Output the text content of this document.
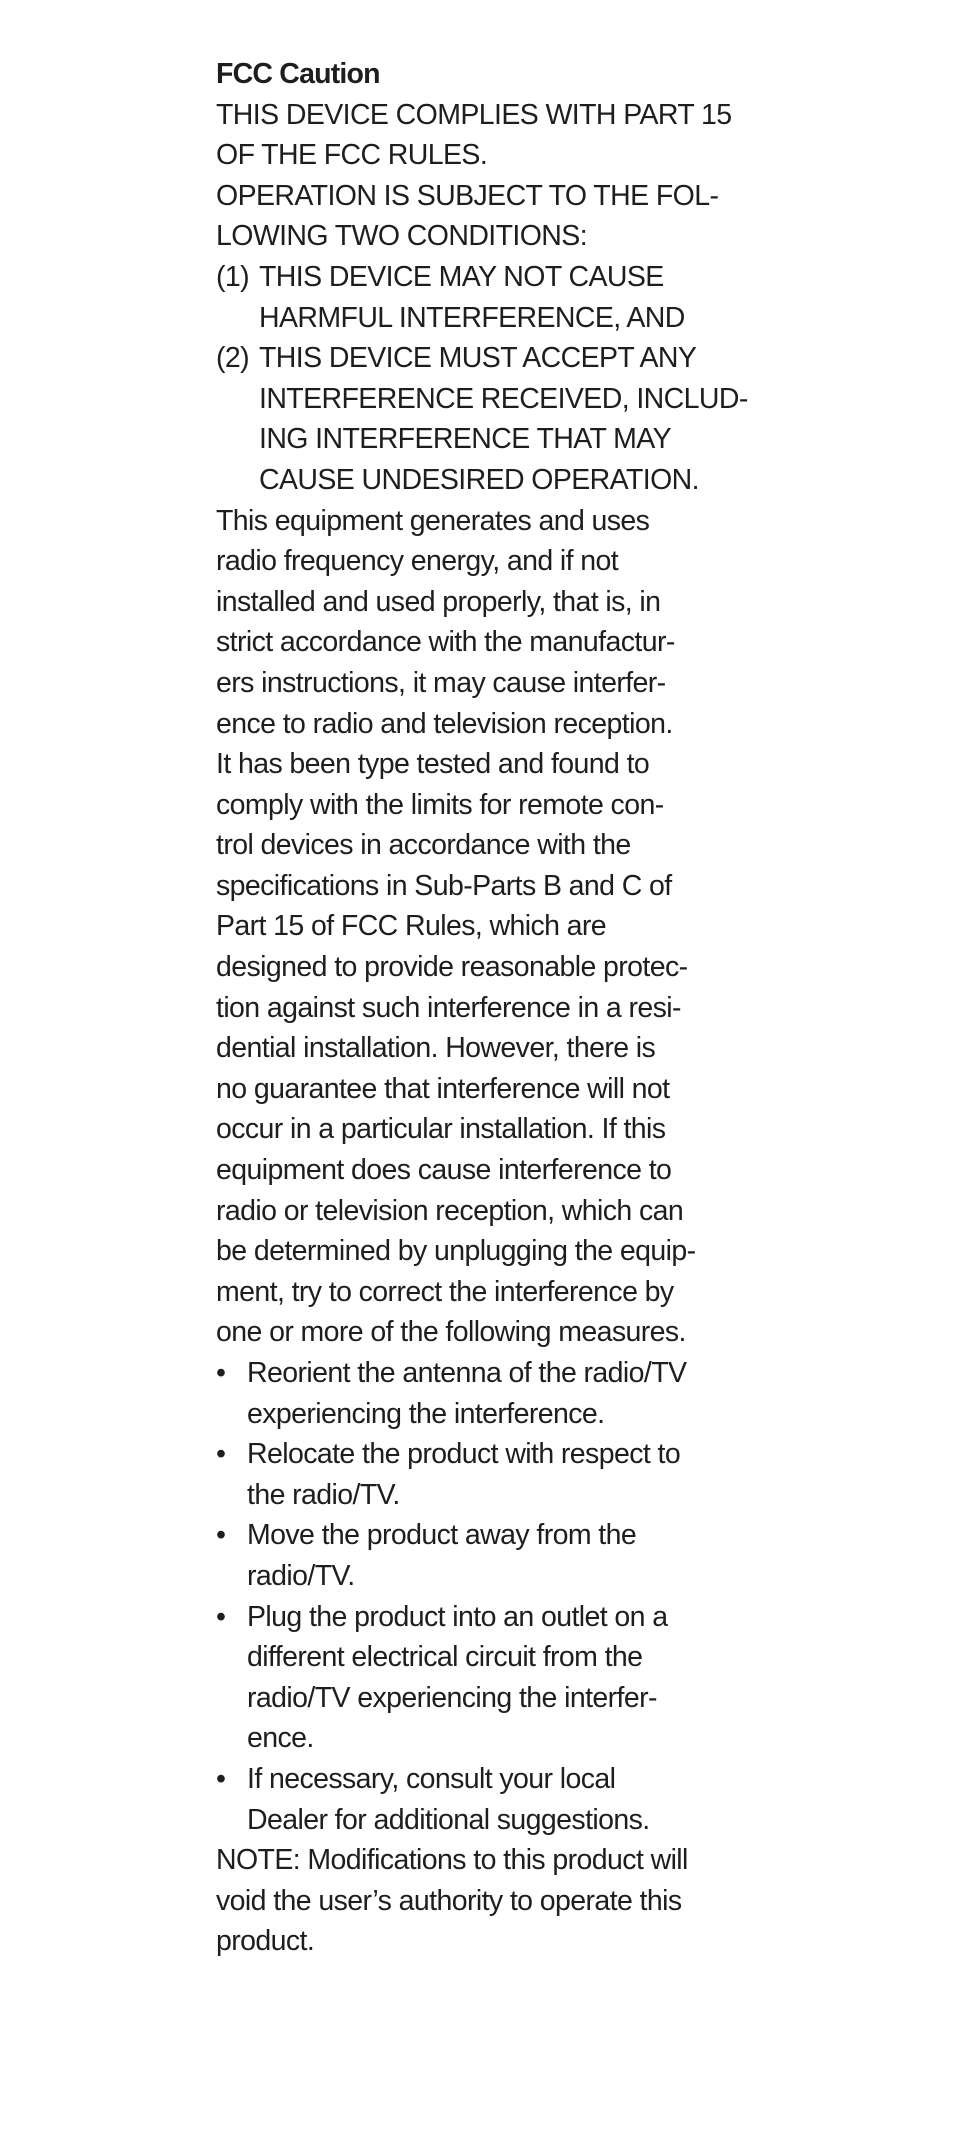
FCC Caution
THIS DEVICE COMPLIES WITH PART 15
OF THE FCC RULES.
OPERATION IS SUBJECT TO THE FOL-
LOWING TWO CONDITIONS:
(1) THIS DEVICE MAY NOT CAUSE
HARMFUL INTERFERENCE, AND
(2) THIS DEVICE MUST ACCEPT ANY
INTERFERENCE RECEIVED, INCLUD-
ING INTERFERENCE THAT MAY
CAUSE UNDESIRED OPERATION.
This equipment generates and uses
radio frequency energy, and if not
installed and used properly, that is, in
strict accordance with the manufactur-
ers instructions, it may cause interfer-
ence to radio and television reception.
It has been type tested and found to
comply with the limits for remote con-
trol devices in accordance with the
specifications in Sub-Parts B and C of
Part 15 of FCC Rules, which are
designed to provide reasonable protec-
tion against such interference in a resi-
dential installation. However, there is
no guarantee that interference will not
occur in a particular installation. If this
equipment does cause interference to
radio or television reception, which can
be determined by unplugging the equip-
ment, try to correct the interference by
one or more of the following measures.
• Reorient the antenna of the radio/TV
experiencing the interference.
• Relocate the product with respect to
the radio/TV.
• Move the product away from the
radio/TV.
• Plug the product into an outlet on a
different electrical circuit from the
radio/TV experiencing the interfer-
ence.
• If necessary, consult your local
Dealer for additional suggestions.
NOTE: Modifications to this product will
void the user’s authority to operate this
product.
